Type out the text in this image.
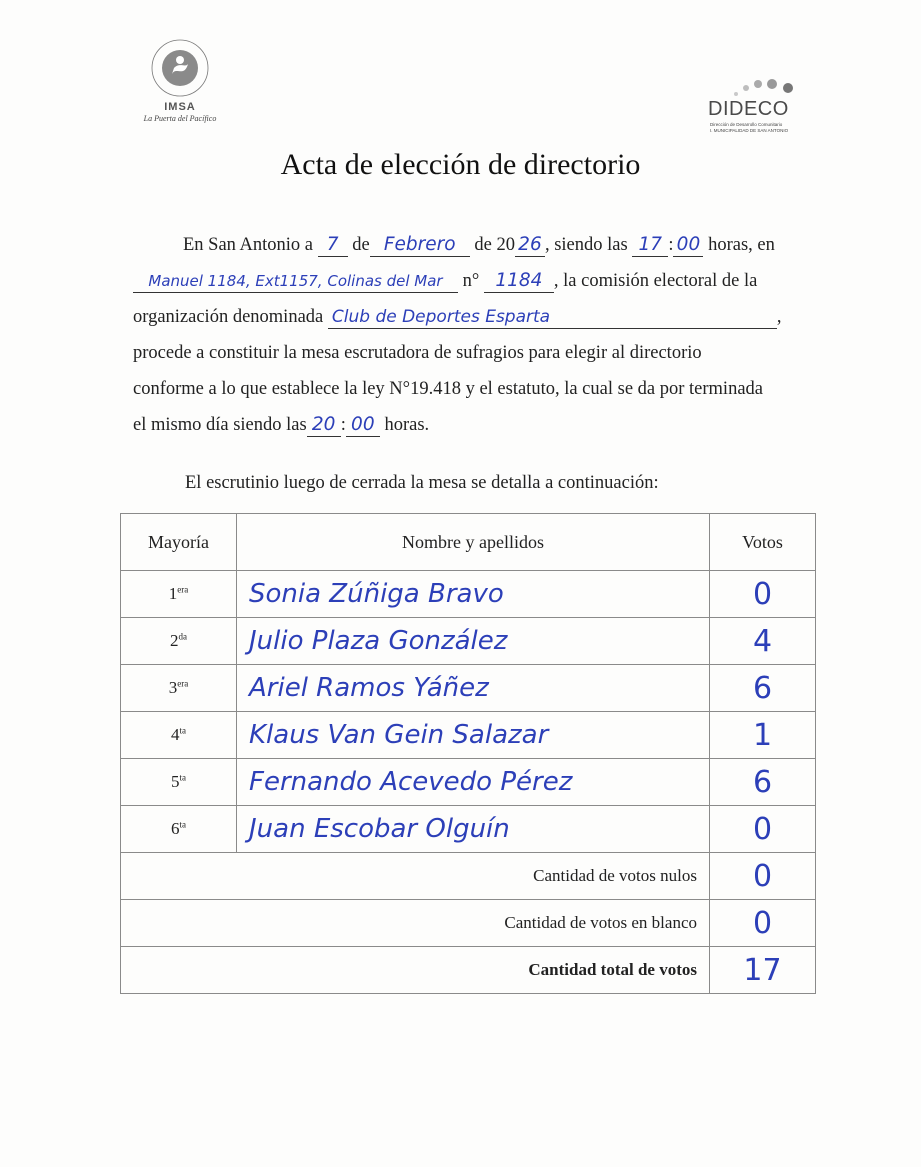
IMSA
La Puerta del Pacífico	DIDECO
Dirección de Desarrollo Comunitario
I. MUNICIPALIDAD DE SAN ANTONIO
Acta de elección de directorio
En San Antonio a 7 de Febrero de 20 26 , siendo las 17 : 00 horas, en
Manuel 1184, Ext1157, Colinas del Mar n° 1184 , la comisión electoral de la
organización denominada Club de Deportes Esparta	,
procede a constituir la mesa escrutadora de sufragios para elegir al directorio
conforme a lo que establece la ley N°19.418 y el estatuto, la cual se da por terminada
el mismo día siendo las 20 : 00 horas.
El escrutinio luego de cerrada la mesa se detalla a continuación:
Mayoría	Nombre y apellidos	Votos
$1^{era}$	Sonia Zúñiga Bravo	0
$2^{da}$	Julio Plaza González	4
$3^{era}$	Ariel Ramos Yáñez	6
$4^{ta}$	Klaus Van Gein Salazar	1
$5^{ta}$	Fernando Acevedo Pérez	6
$6^{ta}$	Juan Escobar Olguín	0
Cantidad de votos nulos		0
Cantidad de votos en blanco		0
Cantidad total de votos		17
